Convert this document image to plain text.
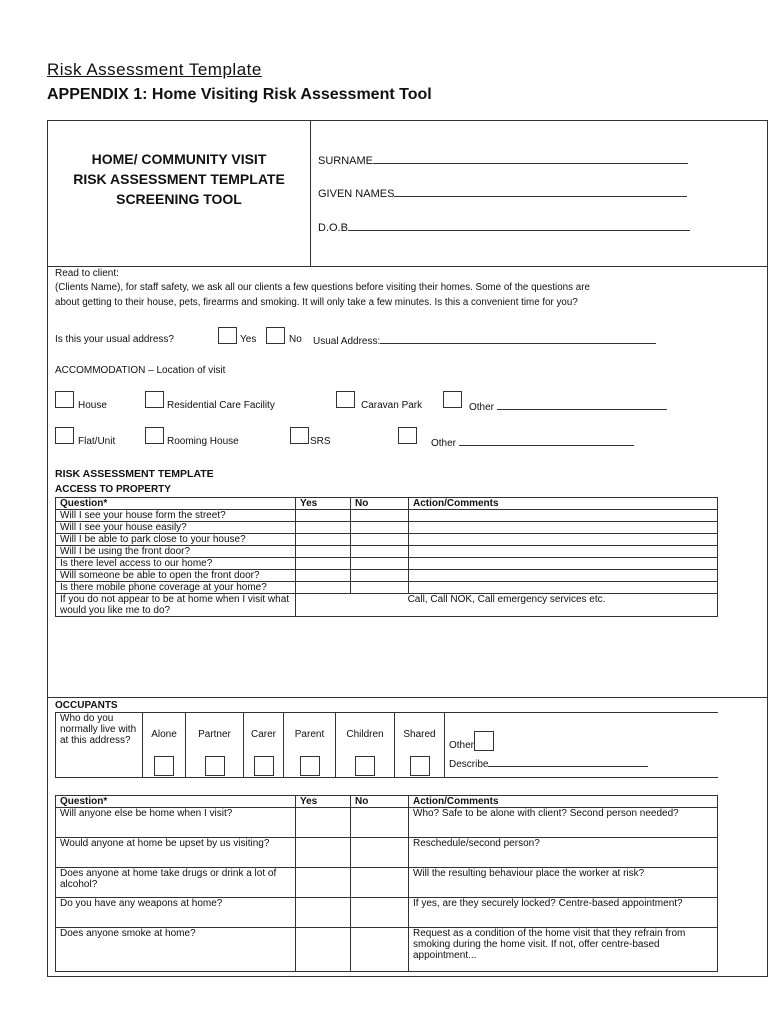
Risk Assessment Template
APPENDIX 1: Home Visiting Risk Assessment Tool
HOME/ COMMUNITY VISIT
RISK ASSESSMENT TEMPLATE
SCREENING TOOL
SURNAME
GIVEN NAMES
D.O.B
Read to client:
(Clients Name), for staff safety, we ask all our clients a few questions before visiting their homes. Some of the questions are
about getting to their house, pets, firearms and smoking. It will only take a few minutes. Is this a convenient time for you?
Is this your usual address?	Yes	No Usual Address:
ACCOMMODATION – Location of visit
House	Residential Care Facility	Caravan Park	Other
Flat/Unit	Rooming House	SRS	Other
RISK ASSESSMENT TEMPLATE
ACCESS TO PROPERTY
Question*	Yes	No	Action/Comments
Will I see your house form the street?			
Will I see your house easily?			
Will I be able to park close to your house?			
Will I be using the front door?			
Is there level access to our home?			
Will someone be able to open the front door?			
Is there mobile phone coverage at your home?			
If you do not appear to be at home when I visit what would you like me to do?	Call, Call NOK, Call emergency services etc.		
OCCUPANTS
Who do you normally live with at this address?	
Alone	Partner	Carer	Parent	Children	Shared

Other
Describe
Question*	Yes	No	Action/Comments
Will anyone else be home when I visit?			Who? Safe to be alone with client? Second person needed?
Would anyone at home be upset by us visiting?			Reschedule/second person?
Does anyone at home take drugs or drink a lot of alcohol?			Will the resulting behaviour place the worker at risk?
Do you have any weapons at home?			If yes, are they securely locked? Centre-based appointment?
Does anyone smoke at home?			Request as a condition of the home visit that they refrain from smoking during the home visit. If not, offer centre-based appointment...
